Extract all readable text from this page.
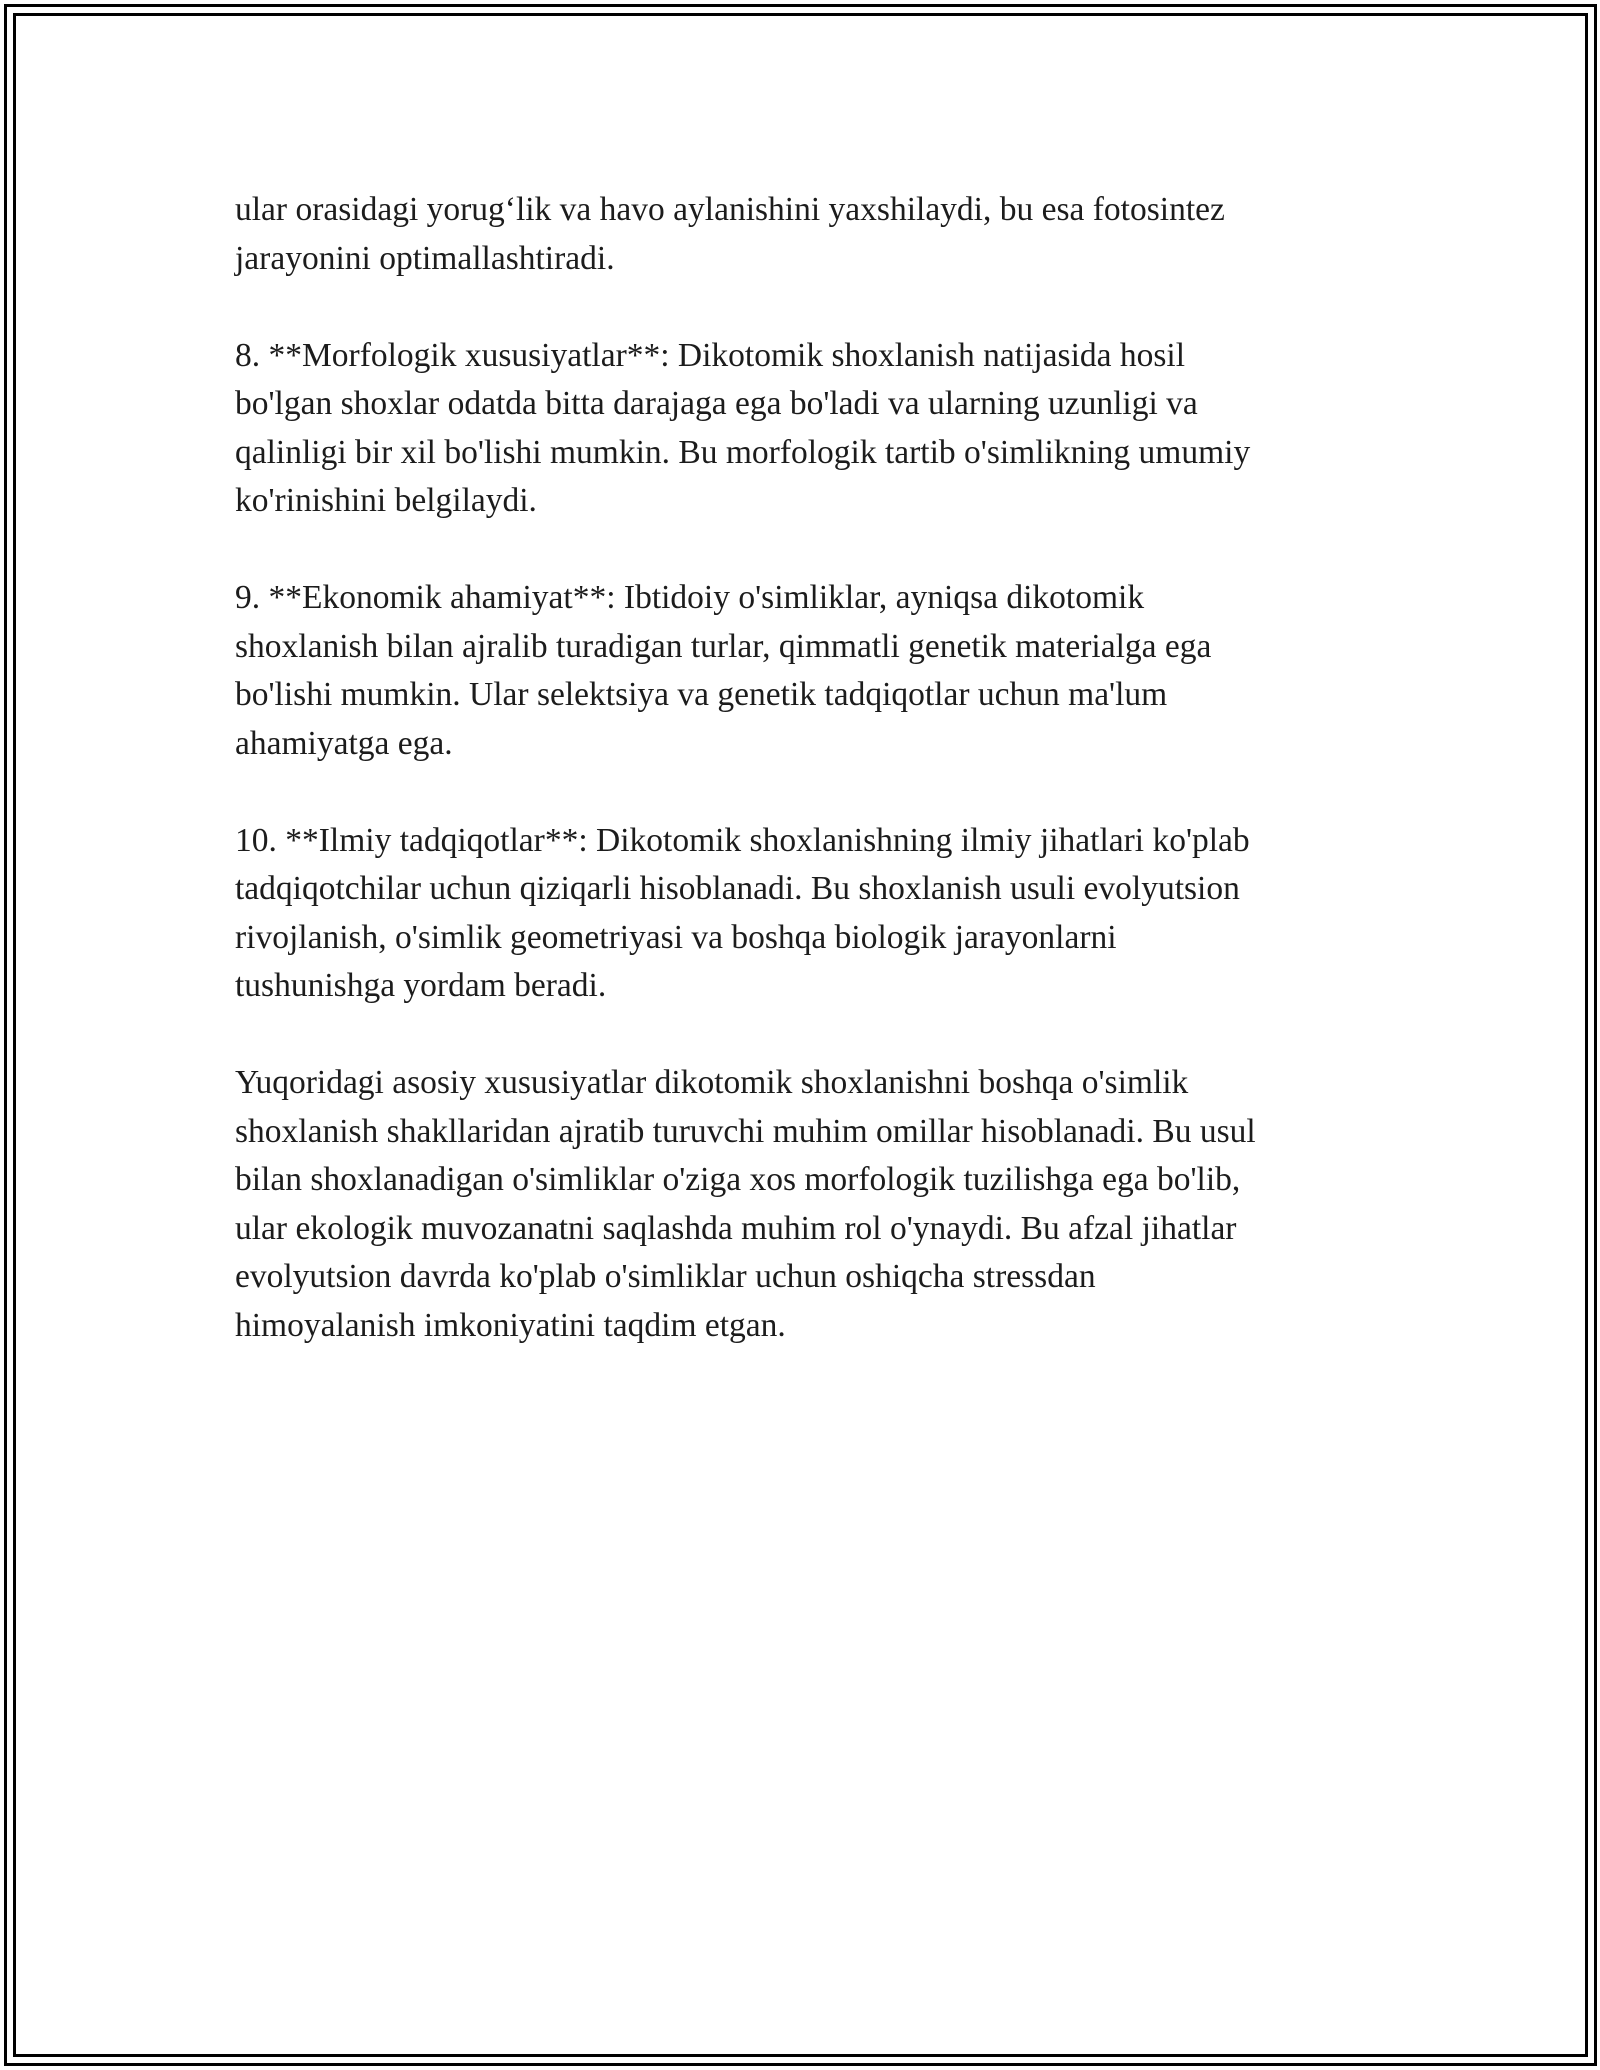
ular orasidagi yorug‘lik va havo aylanishini yaxshilaydi, bu esa fotosintez
jarayonini optimallashtiradi.

8. **Morfologik xususiyatlar**: Dikotomik shoxlanish natijasida hosil
bo'lgan shoxlar odatda bitta darajaga ega bo'ladi va ularning uzunligi va
qalinligi bir xil bo'lishi mumkin. Bu morfologik tartib o'simlikning umumiy
ko'rinishini belgilaydi.

9. **Ekonomik ahamiyat**: Ibtidoiy o'simliklar, ayniqsa dikotomik
shoxlanish bilan ajralib turadigan turlar, qimmatli genetik materialga ega
bo'lishi mumkin. Ular selektsiya va genetik tadqiqotlar uchun ma'lum
ahamiyatga ega.

10. **Ilmiy tadqiqotlar**: Dikotomik shoxlanishning ilmiy jihatlari ko'plab
tadqiqotchilar uchun qiziqarli hisoblanadi. Bu shoxlanish usuli evolyutsion
rivojlanish, o'simlik geometriyasi va boshqa biologik jarayonlarni
tushunishga yordam beradi.

Yuqoridagi asosiy xususiyatlar dikotomik shoxlanishni boshqa o'simlik
shoxlanish shakllaridan ajratib turuvchi muhim omillar hisoblanadi. Bu usul
bilan shoxlanadigan o'simliklar o'ziga xos morfologik tuzilishga ega bo'lib,
ular ekologik muvozanatni saqlashda muhim rol o'ynaydi. Bu afzal jihatlar
evolyutsion davrda ko'plab o'simliklar uchun oshiqcha stressdan
himoyalanish imkoniyatini taqdim etgan.
